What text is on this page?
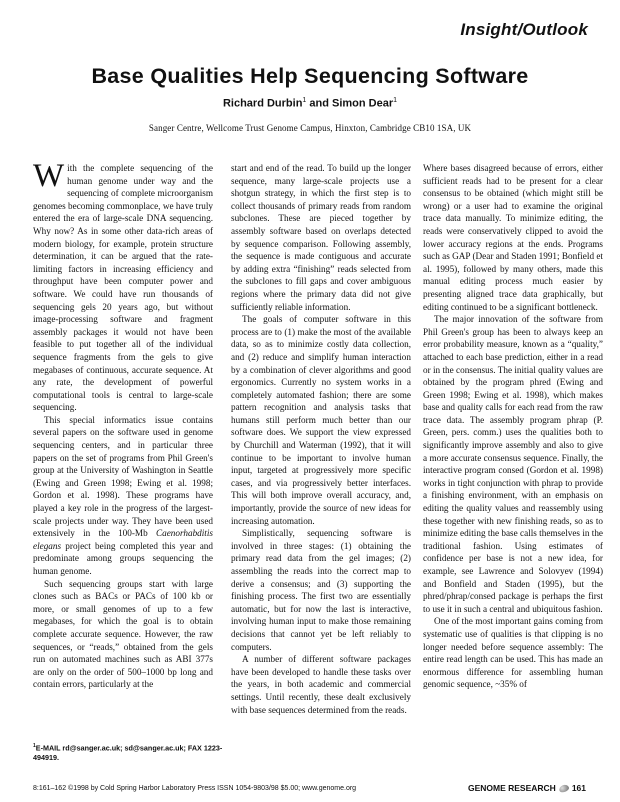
Insight/Outlook
Base Qualities Help Sequencing Software
Richard Durbin$^1$ and Simon Dear$^1$
Sanger Centre, Wellcome Trust Genome Campus, Hinxton, Cambridge CB10 1SA, UK

With the complete sequencing of the human genome under way and the sequencing of complete microorganism genomes becoming commonplace, we have truly entered the era of large-scale DNA sequencing. Why now? As in some other data-rich areas of modern biology, for example, protein structure determination, it can be argued that the rate-limiting factors in increasing efficiency and throughput have been computer power and software. We could have run thousands of sequencing gels 20 years ago, but without image-processing software and fragment assembly packages it would not have been feasible to put together all of the individual sequence fragments from the gels to give megabases of continuous, accurate sequence. At any rate, the development of powerful computational tools is central to large-scale sequencing.

This special informatics issue contains several papers on the software used in genome sequencing centers, and in particular three papers on the set of programs from Phil Green's group at the University of Washington in Seattle (Ewing and Green 1998; Ewing et al. 1998; Gordon et al. 1998). These programs have played a key role in the progress of the largest-scale projects under way. They have been used extensively in the 100-Mb Caenorhabditis elegans project being completed this year and predominate among groups sequencing the human genome.

Such sequencing groups start with large clones such as BACs or PACs of 100 kb or more, or small genomes of up to a few megabases, for which the goal is to obtain complete accurate sequence. However, the raw sequences, or “reads,” obtained from the gels run on automated machines such as ABI 377s are only on the order of 500–1000 bp long and contain errors, particularly at the

start and end of the read. To build up the longer sequence, many large-scale projects use a shotgun strategy, in which the first step is to collect thousands of primary reads from random subclones. These are pieced together by assembly software based on overlaps detected by sequence comparison. Following assembly, the sequence is made contiguous and accurate by adding extra “finishing” reads selected from the subclones to fill gaps and cover ambiguous regions where the primary data did not give sufficiently reliable information.

The goals of computer software in this process are to (1) make the most of the available data, so as to minimize costly data collection, and (2) reduce and simplify human interaction by a combination of clever algorithms and good ergonomics. Currently no system works in a completely automated fashion; there are some pattern recognition and analysis tasks that humans still perform much better than our software does. We support the view expressed by Churchill and Waterman (1992), that it will continue to be important to involve human input, targeted at progressively more specific cases, and via progressively better interfaces. This will both improve overall accuracy, and, importantly, provide the source of new ideas for increasing automation.

Simplistically, sequencing software is involved in three stages: (1) obtaining the primary read data from the gel images; (2) assembling the reads into the correct map to derive a consensus; and (3) supporting the finishing process. The first two are essentially automatic, but for now the last is interactive, involving human input to make those remaining decisions that cannot yet be left reliably to computers.

A number of different software packages have been developed to handle these tasks over the years, in both academic and commercial settings. Until recently, these dealt exclusively with base sequences determined from the reads.

Where bases disagreed because of errors, either sufficient reads had to be present for a clear consensus to be obtained (which might still be wrong) or a user had to examine the original trace data manually. To minimize editing, the reads were conservatively clipped to avoid the lower accuracy regions at the ends. Programs such as GAP (Dear and Staden 1991; Bonfield et al. 1995), followed by many others, made this manual editing process much easier by presenting aligned trace data graphically, but editing continued to be a significant bottleneck.

The major innovation of the software from Phil Green's group has been to always keep an error probability measure, known as a “quality,” attached to each base prediction, either in a read or in the consensus. The initial quality values are obtained by the program phred (Ewing and Green 1998; Ewing et al. 1998), which makes base and quality calls for each read from the raw trace data. The assembly program phrap (P. Green, pers. comm.) uses the qualities both to significantly improve assembly and also to give a more accurate consensus sequence. Finally, the interactive program consed (Gordon et al. 1998) works in tight conjunction with phrap to provide a finishing environment, with an emphasis on editing the quality values and reassembly using these together with new finishing reads, so as to minimize editing the base calls themselves in the traditional fashion. Using estimates of confidence per base is not a new idea, for example, see Lawrence and Solovyev (1994) and Bonfield and Staden (1995), but the phred/phrap/consed package is perhaps the first to use it in such a central and ubiquitous fashion.

One of the most important gains coming from systematic use of qualities is that clipping is no longer needed before sequence assembly: The entire read length can be used. This has made an enormous difference for assembling human genomic sequence, ~35% of

$^1$E-MAIL rd@sanger.ac.uk; sd@sanger.ac.uk; FAX 1223-494919.
8:161–162 ©1998 by Cold Spring Harbor Laboratory Press ISSN 1054-9803/98 $5.00; www.genome.org	GENOME RESEARCH 161
